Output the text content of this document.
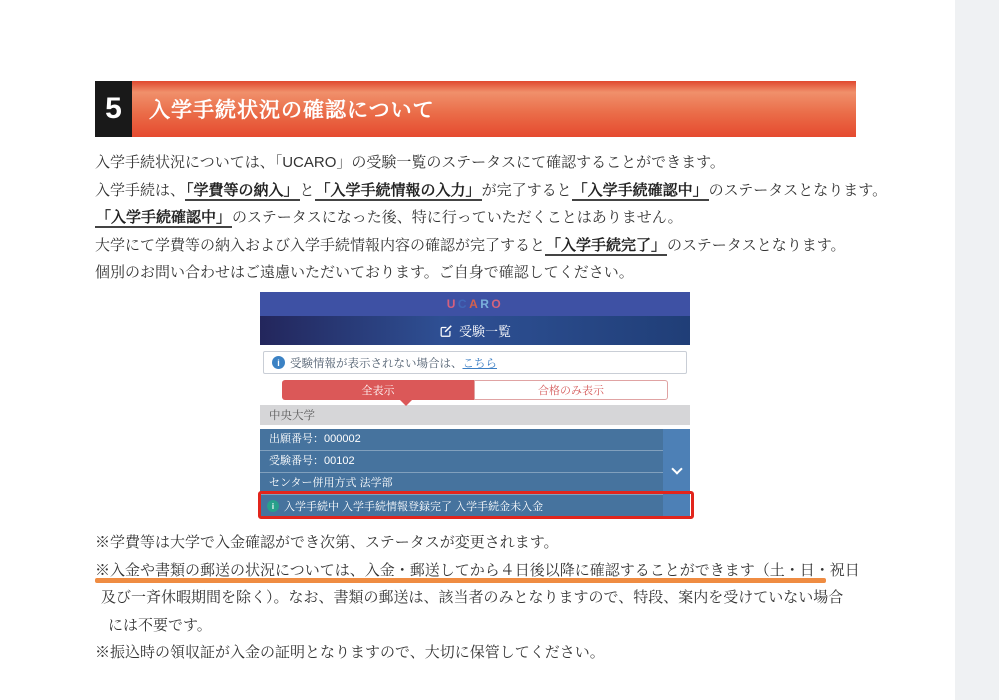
5	入学手続状況の確認について
入学手続状況については、「UCARO」の受験一覧のステータスにて確認することができます。
入学手続は、「学費等の納入」と「入学手続情報の入力」が完了すると「入学手続確認中」のステータスとなります。
「入学手続確認中」のステータスになった後、特に行っていただくことはありません。
大学にて学費等の納入および入学手続情報内容の確認が完了すると「入学手続完了」のステータスとなります。
個別のお問い合わせはご遠慮いただいております。ご自身で確認してください。
UCARO
受験一覧
i 受験情報が表示されない場合は、 こちら
全表示	合格のみ表示
中央大学
出願番号：000002
受験番号：00102
センター併用方式 法学部
i 入学手続中 入学手続情報登録完了 入学手続金未入金
※学費等は大学で入金確認ができ次第、ステータスが変更されます。
※入金や書類の郵送の状況については、入金・郵送してから４日後以降に確認することができます（土・日・祝日
及び一斉休暇期間を除く）。なお、書類の郵送は、該当者のみとなりますので、特段、案内を受けていない場合
には不要です。
※振込時の領収証が入金の証明となりますので、大切に保管してください。
